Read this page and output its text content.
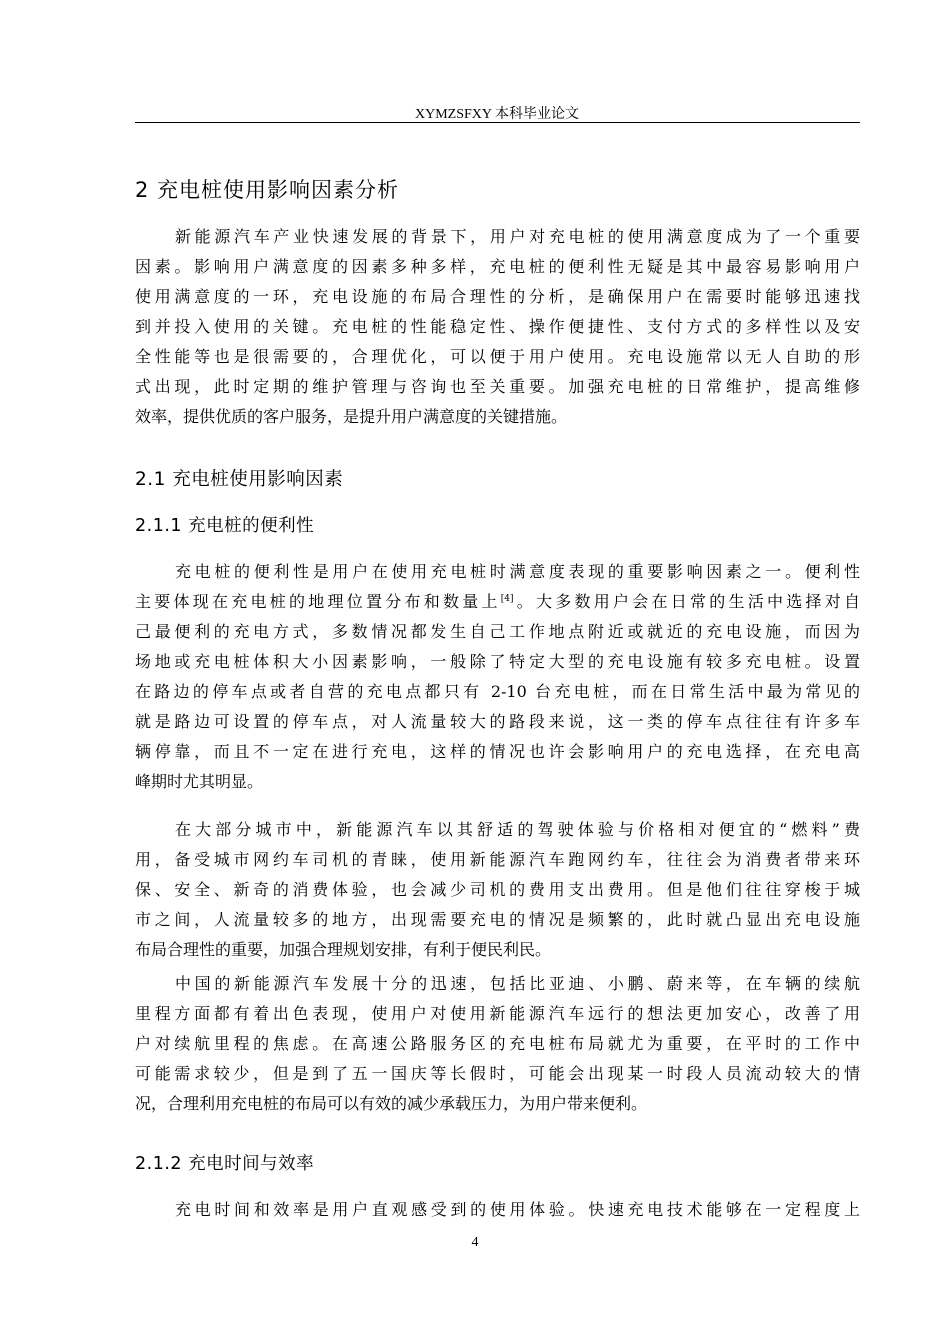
XYMZSFXY 本科毕业论文
2 充电桩使用影响因素分析
新能源汽车产业快速发展的背景下，用户对充电桩的使用满意度成为了一个重要
因素。影响用户满意度的因素多种多样，充电桩的便利性无疑是其中最容易影响用户
使用满意度的一环，充电设施的布局合理性的分析，是确保用户在需要时能够迅速找
到并投入使用的关键。充电桩的性能稳定性、操作便捷性、支付方式的多样性以及安
全性能等也是很需要的，合理优化，可以便于用户使用。充电设施常以无人自助的形
式出现，此时定期的维护管理与咨询也至关重要。加强充电桩的日常维护，提高维修
效率，提供优质的客户服务，是提升用户满意度的关键措施。
2.1 充电桩使用影响因素
2.1.1 充电桩的便利性
充电桩的便利性是用户在使用充电桩时满意度表现的重要影响因素之一。便利性
主要体现在充电桩的地理位置分布和数量上[4]。大多数用户会在日常的生活中选择对自
己最便利的充电方式，多数情况都发生自己工作地点附近或就近的充电设施，而因为
场地或充电桩体积大小因素影响，一般除了特定大型的充电设施有较多充电桩。设置
在路边的停车点或者自营的充电点都只有 2-10 台充电桩，而在日常生活中最为常见的
就是路边可设置的停车点，对人流量较大的路段来说，这一类的停车点往往有许多车
辆停靠，而且不一定在进行充电，这样的情况也许会影响用户的充电选择，在充电高
峰期时尤其明显。
在大部分城市中，新能源汽车以其舒适的驾驶体验与价格相对便宜的“燃料”费
用，备受城市网约车司机的青睐，使用新能源汽车跑网约车，往往会为消费者带来环
保、安全、新奇的消费体验，也会减少司机的费用支出费用。但是他们往往穿梭于城
市之间，人流量较多的地方，出现需要充电的情况是频繁的，此时就凸显出充电设施
布局合理性的重要，加强合理规划安排，有利于便民利民。
中国的新能源汽车发展十分的迅速，包括比亚迪、小鹏、蔚来等，在车辆的续航
里程方面都有着出色表现，使用户对使用新能源汽车远行的想法更加安心，改善了用
户对续航里程的焦虑。在高速公路服务区的充电桩布局就尤为重要，在平时的工作中
可能需求较少，但是到了五一国庆等长假时，可能会出现某一时段人员流动较大的情
况，合理利用充电桩的布局可以有效的减少承载压力，为用户带来便利。
2.1.2 充电时间与效率
充电时间和效率是用户直观感受到的使用体验。快速充电技术能够在一定程度上
4
